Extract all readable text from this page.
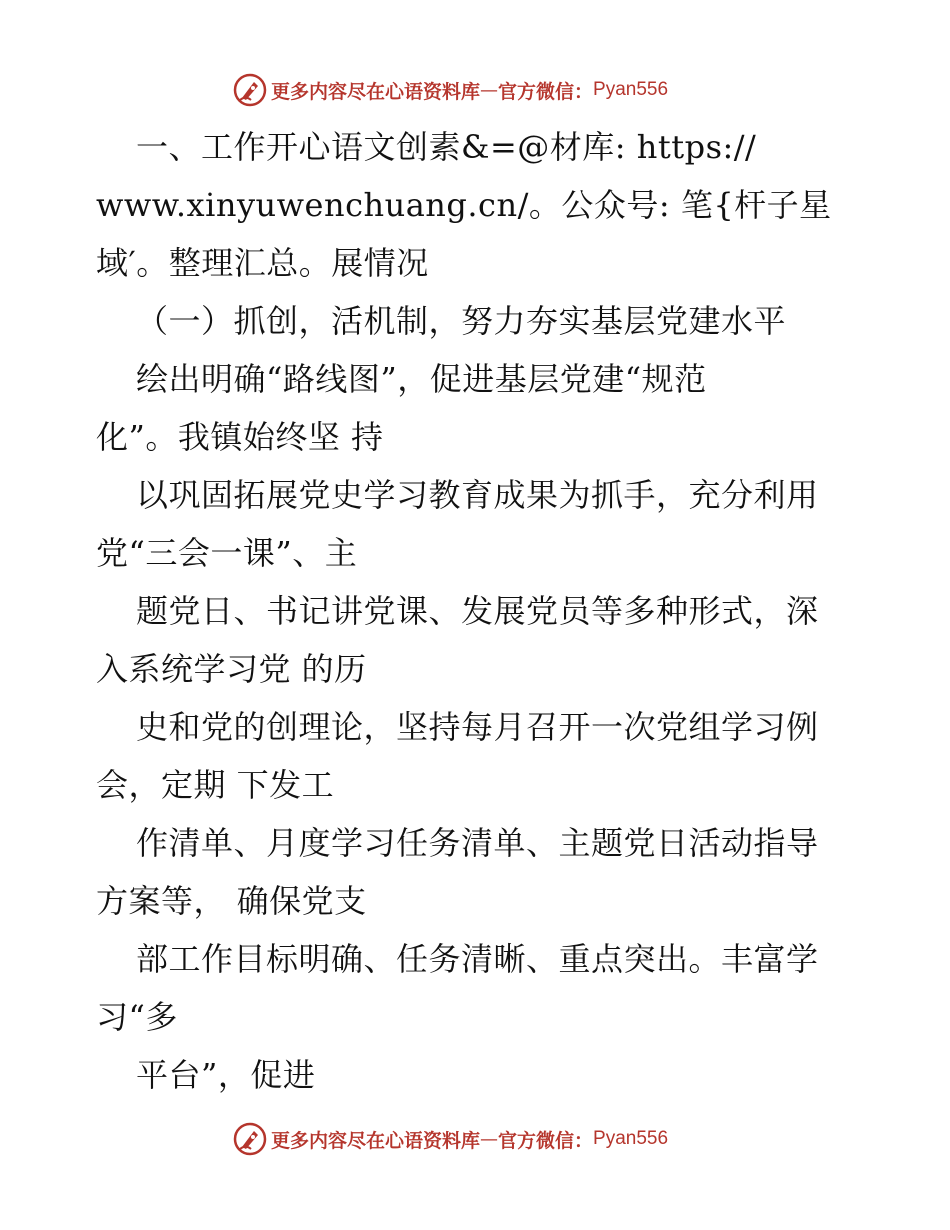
更多内容尽在心语资料库 — 官方微信： Pyan556
一、工作开心语文创素&=@材库: https://
www.xinyuwenchuang.cn/。公众号: 笔{杆子星
域′。整理汇总。展情况
（一）抓创，活机制，努力夯实基层党建水平
绘出明确“路线图”，促进基层党建“规范
化”。我镇始终坚 持
以巩固拓展党史学习教育成果为抓手，充分利用
党“三会一课”、主
题党日、书记讲党课、发展党员等多种形式，深
入系统学习党 的历
史和党的创理论，坚持每月召开一次党组学习例
会，定期 下发工
作清单、月度学习任务清单、主题党日活动指导
方案等， 确保党支
部工作目标明确、任务清晰、重点突出。丰富学
习“多
平台”，促进
更多内容尽在心语资料库 — 官方微信： Pyan556
